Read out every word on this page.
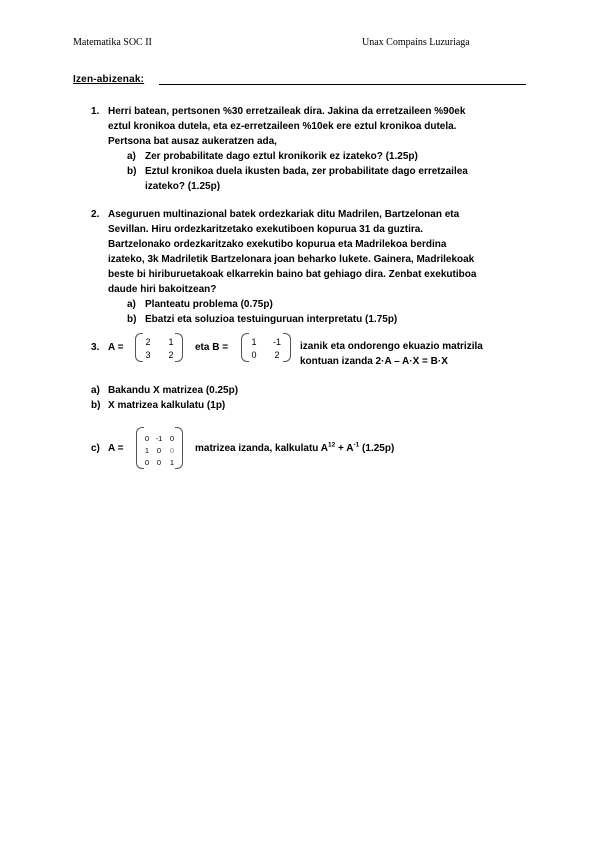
Matematika SOC II	Unax Compains Luzuriaga
Izen-abizenak:
1. Herri batean, pertsonen %30 erretzaileak dira. Jakina da erretzaileen %90ek
eztul kronikoa dutela, eta ez-erretzaileen %10ek ere eztul kronikoa dutela.
Pertsona bat ausaz aukeratzen ada,
a) Zer probabilitate dago eztul kronikorik ez izateko? (1.25p)
b) Eztul kronikoa duela ikusten bada, zer probabilitate dago erretzailea
izateko? (1.25p)
2. Aseguruen multinazional batek ordezkariak ditu Madrilen, Bartzelonan eta
Sevillan. Hiru ordezkaritzetako exekutiboen kopurua 31 da guztira.
Bartzelonako ordezkaritzako exekutibo kopurua eta Madrilekoa berdina
izateko, 3k Madriletik Bartzelonara joan beharko lukete. Gainera, Madrilekoak
beste bi hiriburuetakoak elkarrekin baino bat gehiago dira. Zenbat exekutiboa
daude hiri bakoitzean?
a) Planteatu problema (0.75p)
b) Ebatzi eta soluzioa testuinguruan interpretatu (1.75p)
3. A =	2	1
3	2
eta B =	1	-1
0	2
izanik eta ondorengo ekuazio matrizila
kontuan izanda 2·A – A·X = B·X
a) Bakandu X matrizea (0.25p)
b) X matrizea kalkulatu (1p)
c) A =
0 -1	0
1	0	0
0	0	1
matrizea izanda, kalkulatu $A^{12} + A^{-1}$ (1.25p)
